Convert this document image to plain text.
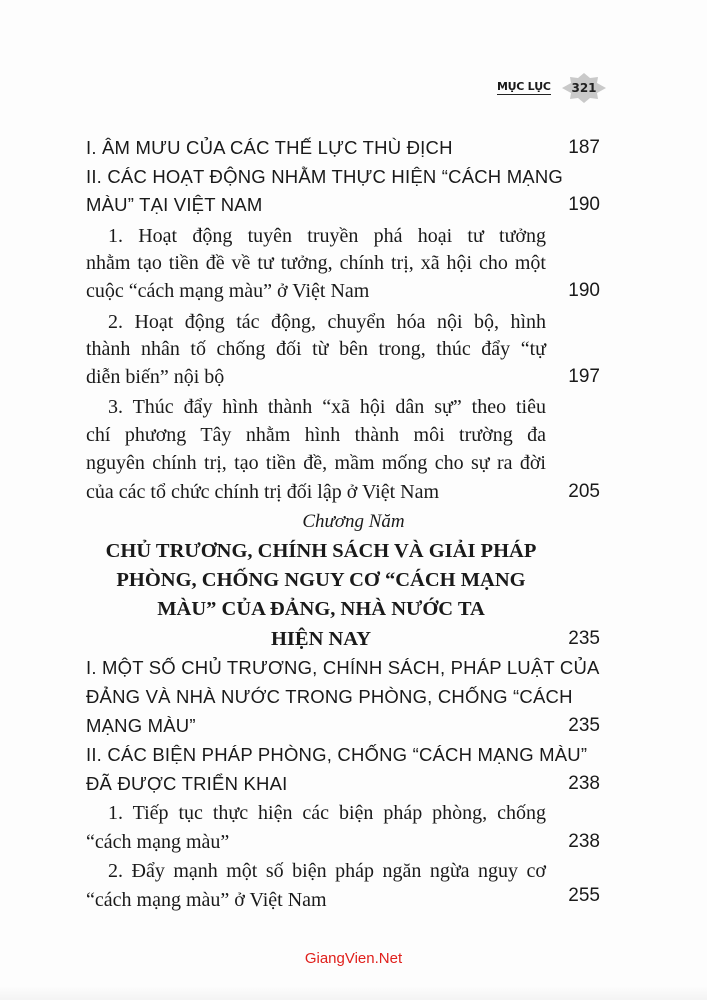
MỤC LỤC	321
I. ÂM MƯU CỦA CÁC THẾ LỰC THÙ ĐỊCH	187
II. CÁC HOẠT ĐỘNG NHẰM THỰC HIỆN “CÁCH MẠNG
MÀU” TẠI VIỆT NAM	190
1. Hoạt động tuyên truyền phá hoại tư tưởng
nhằm tạo tiền đề về tư tưởng, chính trị, xã hội cho một
cuộc “cách mạng màu” ở Việt Nam	190
2. Hoạt động tác động, chuyển hóa nội bộ, hình
thành nhân tố chống đối từ bên trong, thúc đẩy “tự
diễn biến” nội bộ	197
3. Thúc đẩy hình thành “xã hội dân sự” theo tiêu
chí phương Tây nhằm hình thành môi trường đa
nguyên chính trị, tạo tiền đề, mầm mống cho sự ra đời
của các tổ chức chính trị đối lập ở Việt Nam	205
Chương Năm
CHỦ TRƯƠNG, CHÍNH SÁCH VÀ GIẢI PHÁP
PHÒNG, CHỐNG NGUY CƠ “CÁCH MẠNG
MÀU” CỦA ĐẢNG, NHÀ NƯỚC TA
HIỆN NAY	235
I. MỘT SỐ CHỦ TRƯƠNG, CHÍNH SÁCH, PHÁP LUẬT CỦA
ĐẢNG VÀ NHÀ NƯỚC TRONG PHÒNG, CHỐNG “CÁCH
MẠNG MÀU”	235
II. CÁC BIỆN PHÁP PHÒNG, CHỐNG “CÁCH MẠNG MÀU”
ĐÃ ĐƯỢC TRIỂN KHAI	238
1. Tiếp tục thực hiện các biện pháp phòng, chống
“cách mạng màu”	238
2. Đẩy mạnh một số biện pháp ngăn ngừa nguy cơ
“cách mạng màu” ở Việt Nam	255
GiangVien.Net
